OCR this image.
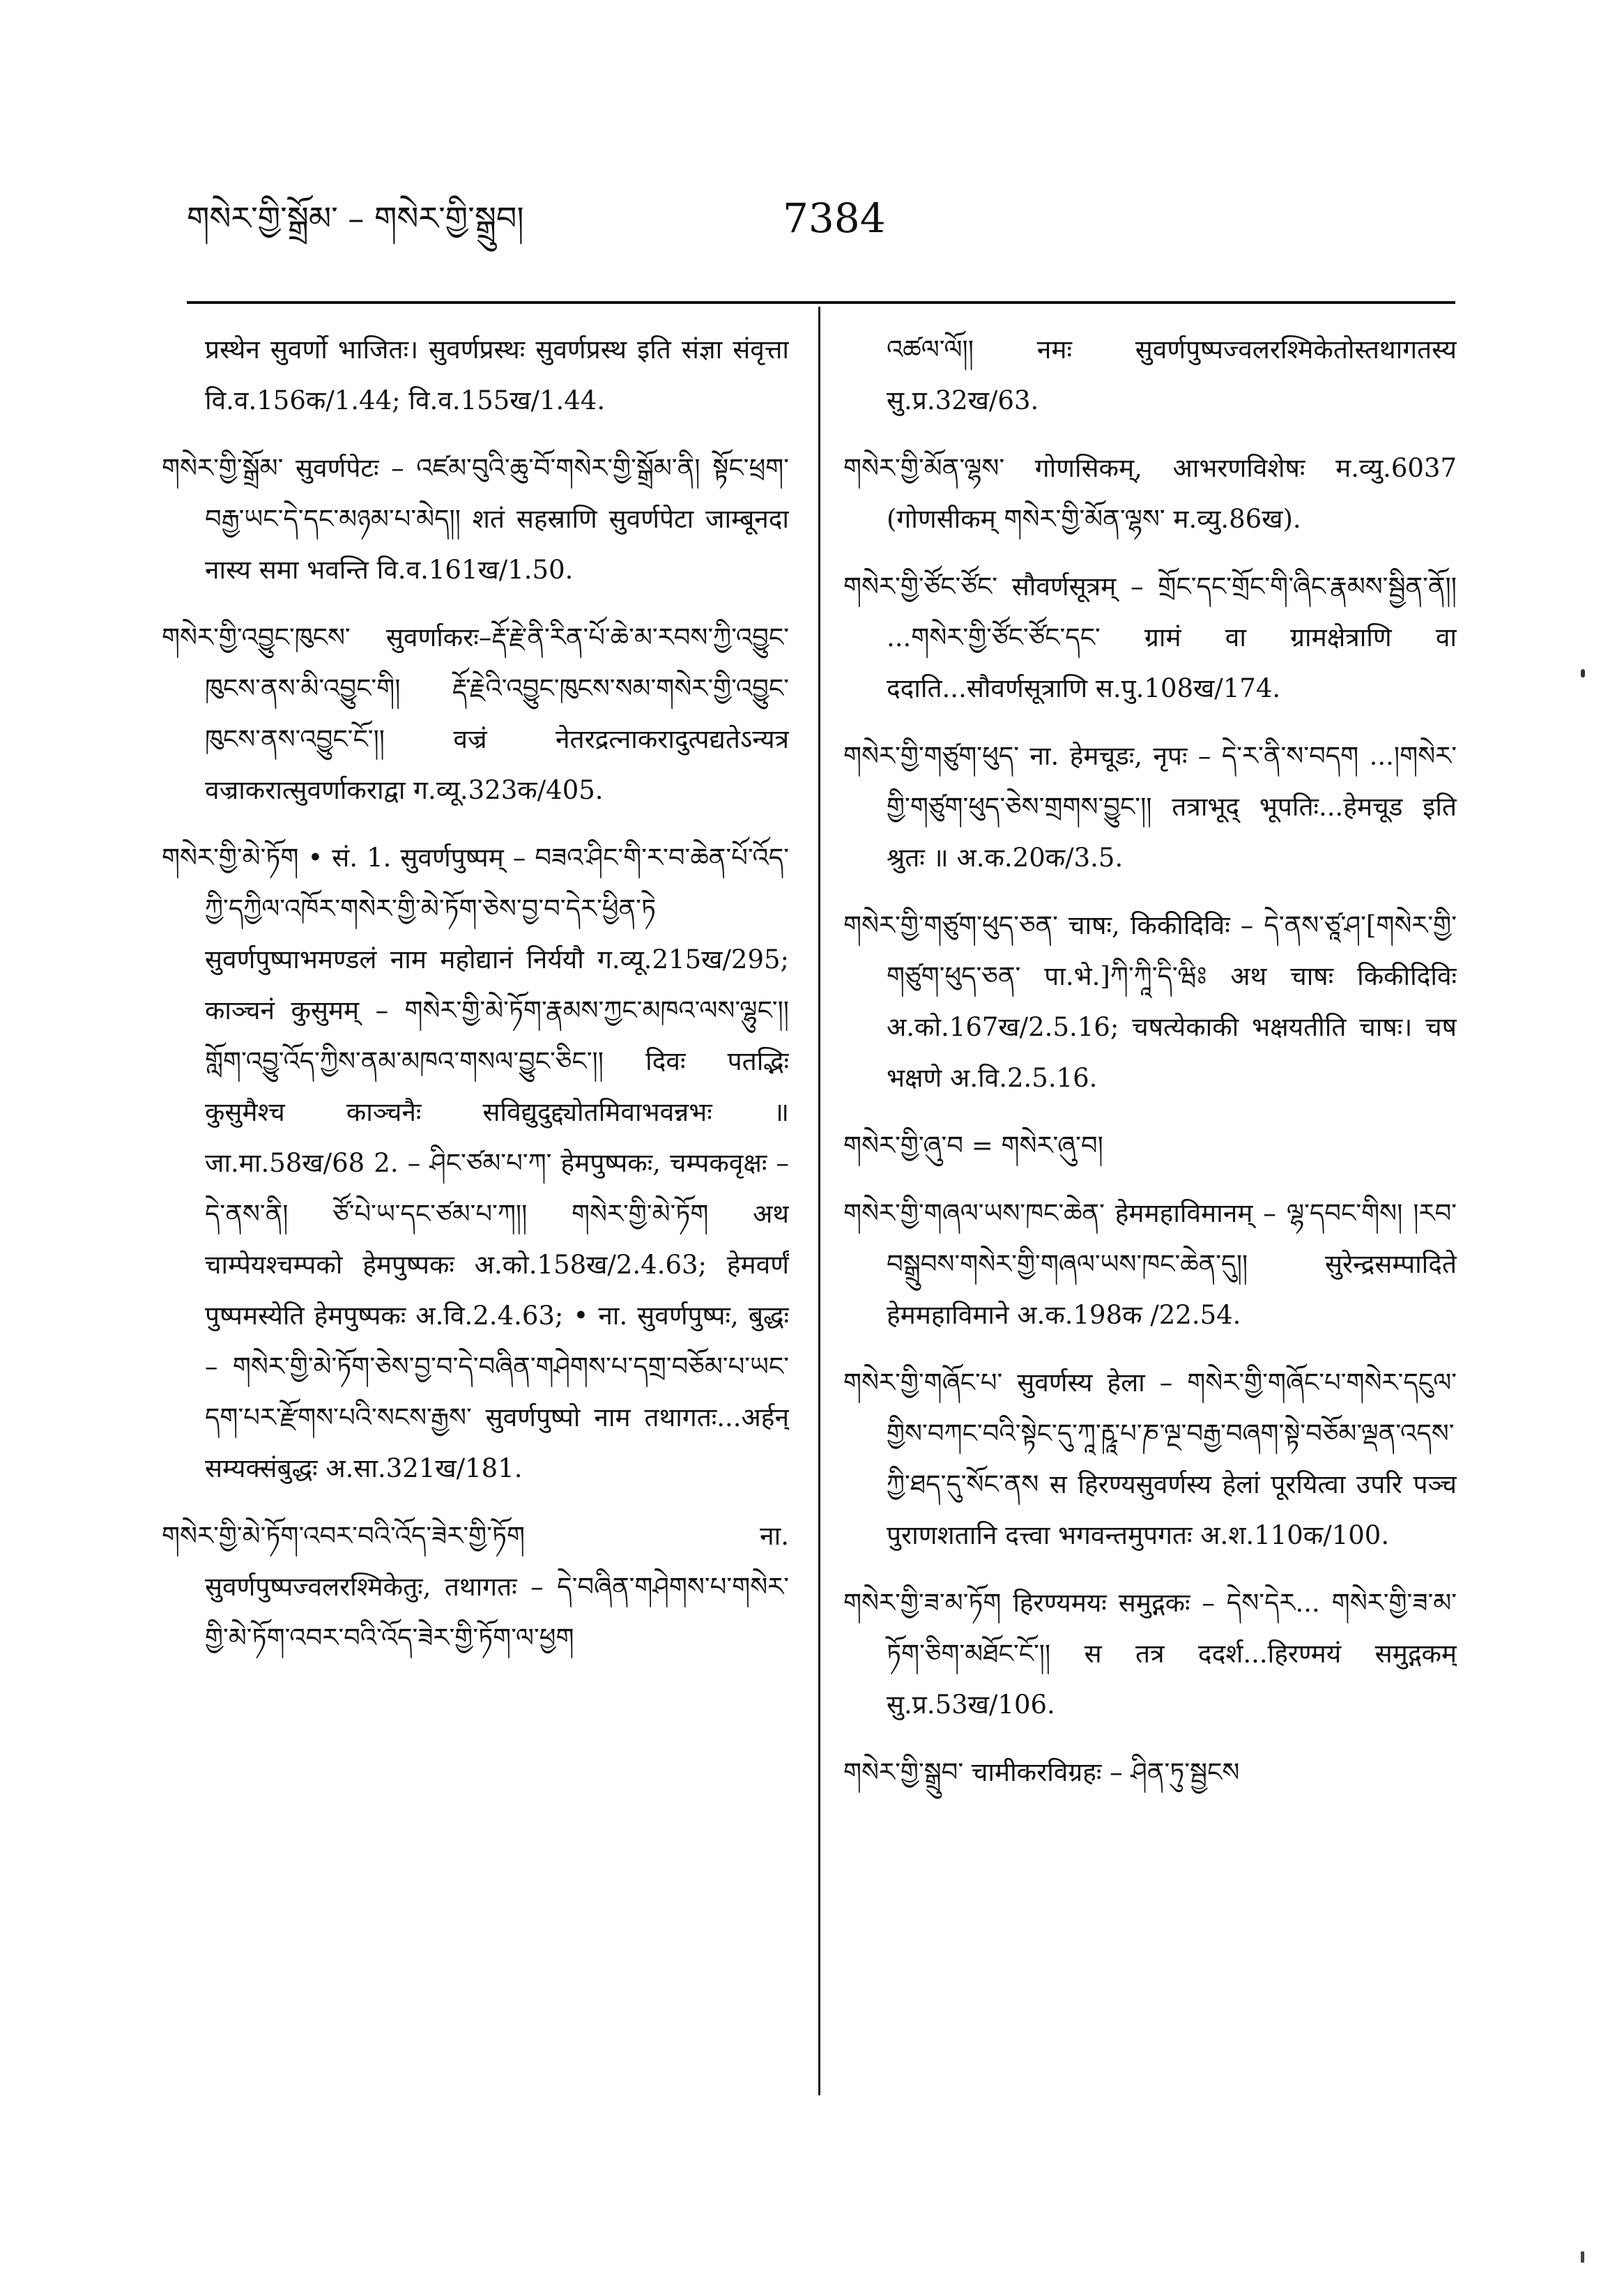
གསེར་གྱི་སྒྲོམ་ – གསེར་གྱི་སྒྲུབ།	7384

प्रस्थेन सुवर्णो भाजितः। सुवर्णप्रस्थः सुवर्णप्रस्थ इति संज्ञा संवृत्ता वि.व.156क/1.44; वि.व.155ख/1.44.

གསེར་གྱི་སྒྲོམ་ सुवर्णपेटः – འཛམ་བུའི་ཆུ་བོ་གསེར་གྱི་སྒྲོམ་ནི། སྟོང་ཕྲག་བརྒྱ་ཡང་དེ་དང་མཉམ་པ་མེད།། शतं सहस्राणि सुवर्णपेटा जाम्बूनदा नास्य समा भवन्ति वि.व.161ख/1.50.

གསེར་གྱི་འབྱུང་ཁུངས་ सुवर्णाकरः–རྡོ་རྗེ་ནི་རིན་པོ་ཆེ་མ་རབས་ཀྱི་འབྱུང་ཁུངས་ནས་མི་འབྱུང་གི། རྡོ་རྗེའི་འབྱུང་ཁུངས་སམ་གསེར་གྱི་འབྱུང་ཁུངས་ནས་འབྱུང་ངོ་།། वज्रं नेतरद्रत्नाकरादुत्पद्यतेऽन्यत्र वज्राकरात्सुवर्णाकराद्वा ग.व्यू.323क/405.

གསེར་གྱི་མེ་ཏོག • सं. 1. सुवर्णपुष्पम् – བཟའ་ཤིང་གི་ར་བ་ཆེན་པོ་འོད་ཀྱི་དཀྱིལ་འཁོར་གསེར་གྱི་མེ་ཏོག་ཅེས་བྱ་བ་དེར་ཕྱིན་ཏེ सुवर्णपुष्पाभमण्डलं नाम महोद्यानं निर्ययौ ग.व्यू.215ख/295; काञ्चनं कुसुमम् – གསེར་གྱི་མེ་ཏོག་རྣམས་ཀྱང་མཁའ་ལས་ལྷུང་།། གློག་འབྱུ་འོད་ཀྱིས་ནམ་མཁའ་གསལ་བྱུང་ཅིང་།། दिवः पतद्भिः कुसुमैश्च काञ्चनैः सविद्युदुद्द्योतमिवाभवन्नभः ॥ जा.मा.58ख/68 2. – ཤིང་ཙམ་པ་ཀ་ हेमपुष्पकः, चम्पकवृक्षः – དེ་ནས་ནི། ཙོ་པེ་ཡ་དང་ཙམ་པ་ཀ།། གསེར་གྱི་མེ་ཏོག अथ चाम्पेयश्चम्पको हेमपुष्पकः अ.को.158ख/2.4.63; हेमवर्णं पुष्पमस्येति हेमपुष्पकः अ.वि.2.4.63; • ना. सुवर्णपुष्पः, बुद्धः – གསེར་གྱི་མེ་ཏོག་ཅེས་བྱ་བ་དེ་བཞིན་གཤེགས་པ་དགྲ་བཅོམ་པ་ཡང་དག་པར་རྫོགས་པའི་སངས་རྒྱས་ सुवर्णपुष्पो नाम तथागतः...अर्हन् सम्यक्संबुद्धः अ.सा.321ख/181.

གསེར་གྱི་མེ་ཏོག་འབར་བའི་འོད་ཟེར་གྱི་ཏོག ना. सुवर्णपुष्पज्वलरश्मिकेतुः, तथागतः – དེ་བཞིན་གཤེགས་པ་གསེར་གྱི་མེ་ཏོག་འབར་བའི་འོད་ཟེར་གྱི་ཏོག་ལ་ཕྱག

འཚལ་ལོ།། नमः सुवर्णपुष्पज्वलरश्मिकेतोस्तथागतस्य सु.प्र.32ख/63.

གསེར་གྱི་མོན་ལྷས་ गोणसिकम्, आभरणविशेषः म.व्यु.6037 (गोणसीकम् གསེར་གྱི་མོན་ལྷས་ म.व्यु.86ख).

གསེར་གྱི་ཙོང་ཙོང་ सौवर्णसूत्रम् – གྲོང་དང་གྲོང་གི་ཞིང་རྣམས་སྦྱིན་ནོ།། ...གསེར་གྱི་ཙོང་ཙོང་དང་ ग्रामं वा ग्रामक्षेत्राणि वा ददाति...सौवर्णसूत्राणि स.पु.108ख/174.

གསེར་གྱི་གཙུག་ཕུད་ ना. हेमचूडः, नृपः – དེ་ར་ནི་ས་བདག ...།གསེར་གྱི་གཙུག་ཕུད་ཅེས་གྲགས་བྱུང་།། तत्राभूद् भूपतिः...हेमचूड इति श्रुतः ॥ अ.क.20क/3.5.

གསེར་གྱི་གཙུག་ཕུད་ཅན་ चाषः, किकीदिविः – དེ་ནས་ཙཱ་ཤ་[གསེར་གྱི་གཙུག་ཕུད་ཅན་ पा.भे.]ཀི་ཀཱི་དི་ཝིཿ अथ चाषः किकीदिविः अ.को.167ख/2.5.16; चषत्येकाकी भक्षयतीति चाषः। चष भक्षणे अ.वि.2.5.16.

གསེར་གྱི་ཞུ་བ = གསེར་ཞུ་བ།

གསེར་གྱི་གཞལ་ཡས་ཁང་ཆེན་ हेममहाविमानम् – ལྷ་དབང་གིས། །རབ་བསྒྲུབས་གསེར་གྱི་གཞལ་ཡས་ཁང་ཆེན་དུ།། सुरेन्द्रसम्पादिते हेममहाविमाने अ.क.198क /22.54.

གསེར་གྱི་གཞོང་པ་ सुवर्णस्य हेला – གསེར་གྱི་གཞོང་པ་གསེར་དངུལ་གྱིས་བཀང་བའི་སྟེང་དུ་ཀཱ་རྵཱ་པ་ཎ་ལྔ་བརྒྱ་བཞག་སྟེ་བཅོམ་ལྡན་འདས་ཀྱི་ཐད་དུ་སོང་ནས स हिरण्यसुवर्णस्य हेलां पूरयित्वा उपरि पञ्च पुराणशतानि दत्त्वा भगवन्तमुपगतः अ.श.110क/100.

གསེར་གྱི་ཟ་མ་ཏོག हिरण्यमयः समुद्गकः – དེས་དེར... གསེར་གྱི་ཟ་མ་ཏོག་ཅིག་མཐོང་ངོ་།། स तत्र ददर्श...हिरण्मयं समुद्गकम् सु.प्र.53ख/106.

གསེར་གྱི་སྒྲུབ་ चामीकरविग्रहः – ཤིན་ཏུ་སྦྱངས
